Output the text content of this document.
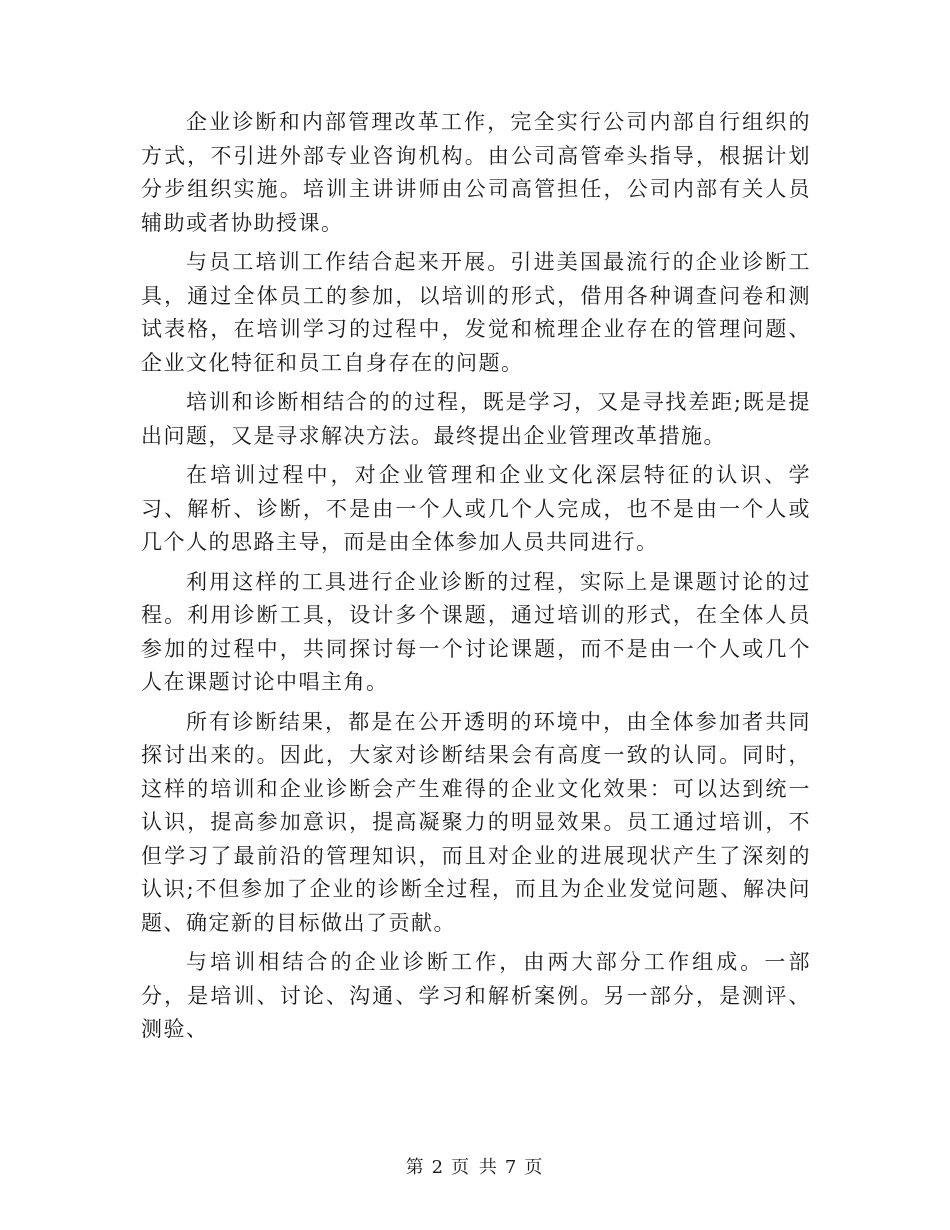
企业诊断和内部管理改革工作，完全实行公司内部自行组织的方式，不引进外部专业咨询机构。由公司高管牵头指导，根据计划分步组织实施。培训主讲讲师由公司高管担任，公司内部有关人员辅助或者协助授课。

与员工培训工作结合起来开展。引进美国最流行的企业诊断工具，通过全体员工的参加，以培训的形式，借用各种调查问卷和测试表格，在培训学习的过程中，发觉和梳理企业存在的管理问题、企业文化特征和员工自身存在的问题。

培训和诊断相结合的的过程，既是学习，又是寻找差距;既是提出问题，又是寻求解决方法。最终提出企业管理改革措施。

在培训过程中，对企业管理和企业文化深层特征的认识、学习、解析、诊断，不是由一个人或几个人完成，也不是由一个人或几个人的思路主导，而是由全体参加人员共同进行。

利用这样的工具进行企业诊断的过程，实际上是课题讨论的过程。利用诊断工具，设计多个课题，通过培训的形式，在全体人员参加的过程中，共同探讨每一个讨论课题，而不是由一个人或几个人在课题讨论中唱主角。

所有诊断结果，都是在公开透明的环境中，由全体参加者共同探讨出来的。因此，大家对诊断结果会有高度一致的认同。同时，这样的培训和企业诊断会产生难得的企业文化效果：可以达到统一认识，提高参加意识，提高凝聚力的明显效果。员工通过培训，不但学习了最前沿的管理知识，而且对企业的进展现状产生了深刻的认识;不但参加了企业的诊断全过程，而且为企业发觉问题、解决问题、确定新的目标做出了贡献。

与培训相结合的企业诊断工作，由两大部分工作组成。一部分，是培训、讨论、沟通、学习和解析案例。另一部分，是测评、测验、

第 2 页 共 7 页
